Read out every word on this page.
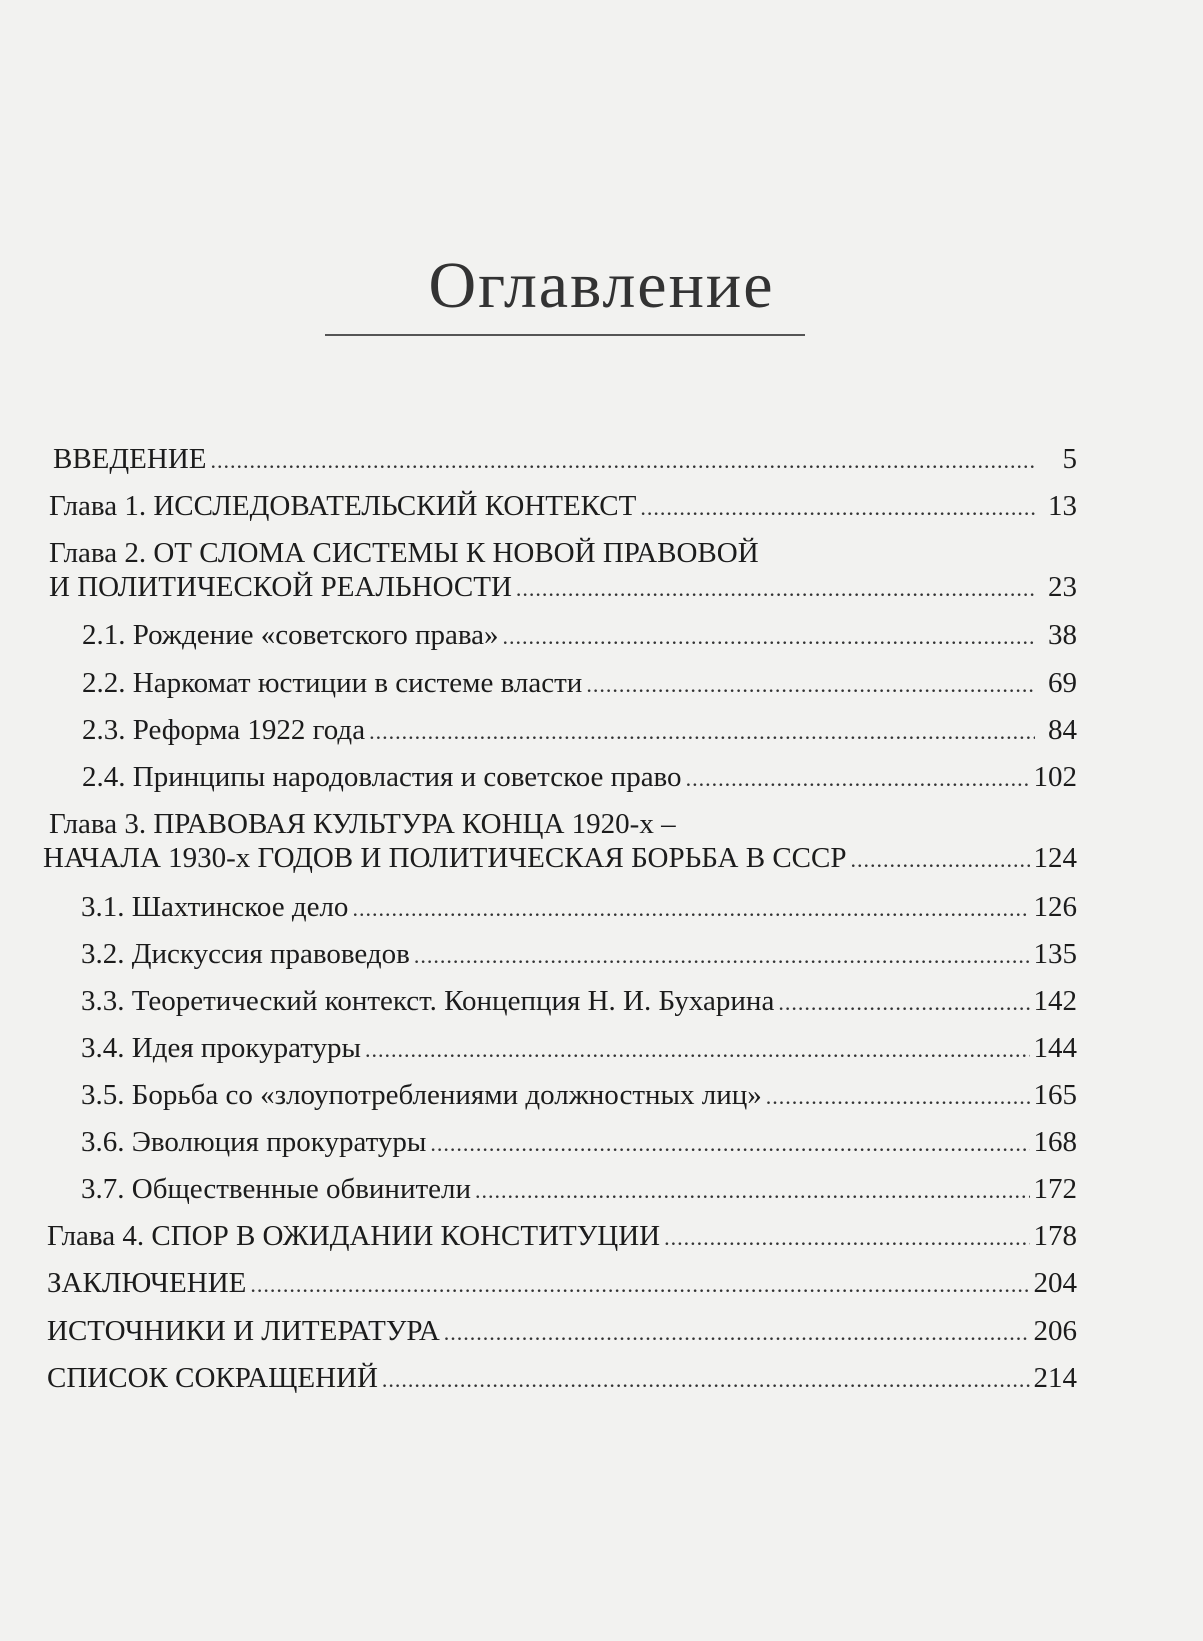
Оглавление
ВВЕДЕНИЕ .....	5
Глава 1. ИССЛЕДОВАТЕЛЬСКИЙ КОНТЕКСТ .....	13
Глава 2. ОТ СЛОМА СИСТЕМЫ К НОВОЙ ПРАВОВОЙ
И ПОЛИТИЧЕСКОЙ РЕАЛЬНОСТИ .....	23
2.1. Рождение «советского права» .....	38
2.2. Наркомат юстиции в системе власти .....	69
2.3. Реформа 1922 года .....	84
2.4. Принципы народовластия и советское право .....	102
Глава 3. ПРАВОВАЯ КУЛЬТУРА КОНЦА 1920-х –
НАЧАЛА 1930-х ГОДОВ И ПОЛИТИЧЕСКАЯ БОРЬБА В СССР .....	124
3.1. Шахтинское дело .....	126
3.2. Дискуссия правоведов .....	135
3.3. Теоретический контекст. Концепция Н. И. Бухарина .....	142
3.4. Идея прокуратуры .....	144
3.5. Борьба со «злоупотреблениями должностных лиц» .....	165
3.6. Эволюция прокуратуры .....	168
3.7. Общественные обвинители .....	172
Глава 4. СПОР В ОЖИДАНИИ КОНСТИТУЦИИ .....	178
ЗАКЛЮЧЕНИЕ .....	204
ИСТОЧНИКИ И ЛИТЕРАТУРА .....	206
СПИСОК СОКРАЩЕНИЙ .....	214
